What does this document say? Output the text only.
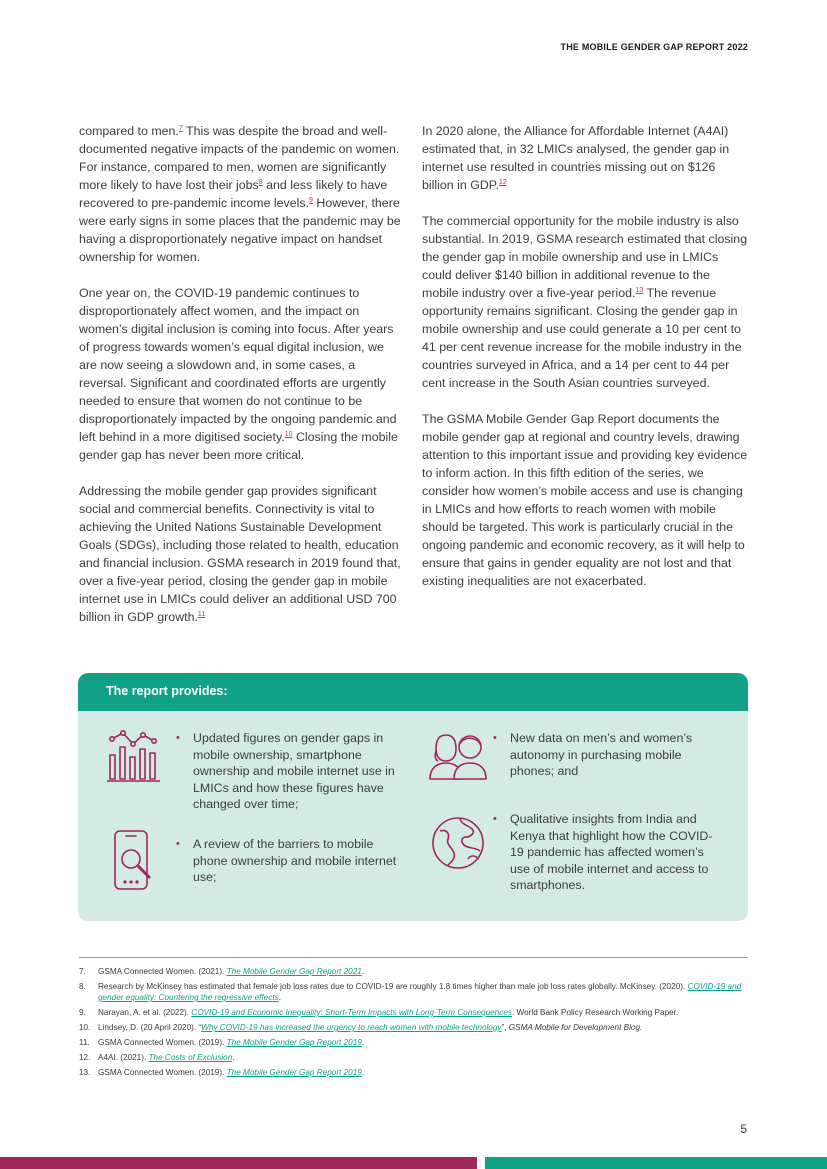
THE MOBILE GENDER GAP REPORT 2022

compared to men.$^7$ This was despite the broad and well-documented negative impacts of the pandemic on women. For instance, compared to men, women are significantly more likely to have lost their jobs$^8$ and less likely to have recovered to pre-pandemic income levels.$^9$ However, there were early signs in some places that the pandemic may be having a disproportionately negative impact on handset ownership for women.

One year on, the COVID-19 pandemic continues to disproportionately affect women, and the impact on women’s digital inclusion is coming into focus. After years of progress towards women’s equal digital inclusion, we are now seeing a slowdown and, in some cases, a reversal. Significant and coordinated efforts are urgently needed to ensure that women do not continue to be disproportionately impacted by the ongoing pandemic and left behind in a more digitised society.$^{10}$ Closing the mobile gender gap has never been more critical.

Addressing the mobile gender gap provides significant social and commercial benefits. Connectivity is vital to achieving the United Nations Sustainable Development Goals (SDGs), including those related to health, education and financial inclusion. GSMA research in 2019 found that, over a five-year period, closing the gender gap in mobile internet use in LMICs could deliver an additional USD 700 billion in GDP growth.$^{11}$

In 2020 alone, the Alliance for Affordable Internet (A4AI) estimated that, in 32 LMICs analysed, the gender gap in internet use resulted in countries missing out on $126 billion in GDP.$^{12}$

The commercial opportunity for the mobile industry is also substantial. In 2019, GSMA research estimated that closing the gender gap in mobile ownership and use in LMICs could deliver $140 billion in additional revenue to the mobile industry over a five-year period.$^{13}$ The revenue opportunity remains significant. Closing the gender gap in mobile ownership and use could generate a 10 per cent to 41 per cent revenue increase for the mobile industry in the countries surveyed in Africa, and a 14 per cent to 44 per cent increase in the South Asian countries surveyed.

The GSMA Mobile Gender Gap Report documents the mobile gender gap at regional and country levels, drawing attention to this important issue and providing key evidence to inform action. In this fifth edition of the series, we consider how women’s mobile access and use is changing in LMICs and how efforts to reach women with mobile should be targeted. This work is particularly crucial in the ongoing pandemic and economic recovery, as it will help to ensure that gains in gender equality are not lost and that existing inequalities are not exacerbated.

The report provides:
• Updated figures on gender gaps in mobile ownership, smartphone ownership and mobile internet use in LMICs and how these figures have changed over time;
• A review of the barriers to mobile phone ownership and mobile internet use;
• New data on men’s and women’s autonomy in purchasing mobile phones; and
• Qualitative insights from India and Kenya that highlight how the COVID-19 pandemic has affected women’s use of mobile internet and access to smartphones.
7. GSMA Connected Women. (2021). The Mobile Gender Gap Report 2021.
8. Research by McKinsey has estimated that female job loss rates due to COVID-19 are roughly 1.8 times higher than male job loss rates globally. McKinsey. (2020). COVID-19 and gender equality: Countering the regressive effects.
9. Narayan, A. et al. (2022). COVID-19 and Economic Inequality: Short-Term Impacts with Long-Term Consequences. World Bank Policy Research Working Paper.
10. Lindsey, D. (20 April 2020). “Why COVID-19 has increased the urgency to reach women with mobile technology”, GSMA Mobile for Development Blog.
11. GSMA Connected Women. (2019). The Mobile Gender Gap Report 2019.
12. A4AI. (2021). The Costs of Exclusion.
13. GSMA Connected Women. (2019). The Mobile Gender Gap Report 2019.
5
